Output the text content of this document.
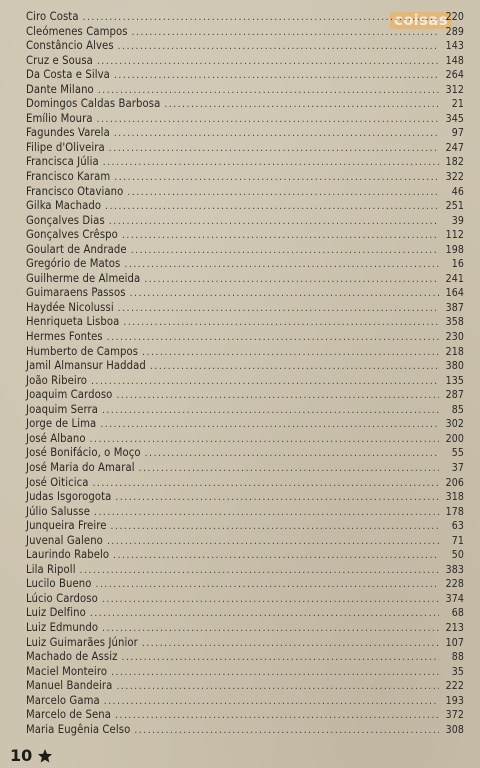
coisas
Ciro Costa .....	220
Cleómenes Campos .....	289
Constâncio Alves .....	143
Cruz e Sousa .....	148
Da Costa e Silva .....	264
Dante Milano .....	312
Domingos Caldas Barbosa .....	21
Emílio Moura .....	345
Fagundes Varela .....	97
Filipe d'Oliveira .....	247
Francisca Júlia .....	182
Francisco Karam .....	322
Francisco Otaviano .....	46
Gilka Machado .....	251
Gonçalves Dias .....	39
Gonçalves Crêspo .....	112
Goulart de Andrade .....	198
Gregório de Matos .....	16
Guilherme de Almeida .....	241
Guimaraens Passos .....	164
Haydée Nicolussi .....	387
Henriqueta Lisboa .....	358
Hermes Fontes .....	230
Humberto de Campos .....	218
Jamil Almansur Haddad .....	380
João Ribeiro .....	135
Joaquim Cardoso .....	287
Joaquim Serra .....	85
Jorge de Lima .....	302
José Albano .....	200
José Bonifácio, o Moço .....	55
José Maria do Amaral .....	37
José Oiticica .....	206
Judas Isgorogota .....	318
Júlio Salusse .....	178
Junqueira Freire .....	63
Juvenal Galeno .....	71
Laurindo Rabelo .....	50
Lila Ripoll .....	383
Lucilo Bueno .....	228
Lúcio Cardoso .....	374
Luiz Delfino .....	68
Luiz Edmundo .....	213
Luiz Guimarães Júnior .....	107
Machado de Assiz .....	88
Maciel Monteiro .....	35
Manuel Bandeira .....	222
Marcelo Gama .....	193
Marcelo de Sena .....	372
Maria Eugênia Celso .....	308
10
